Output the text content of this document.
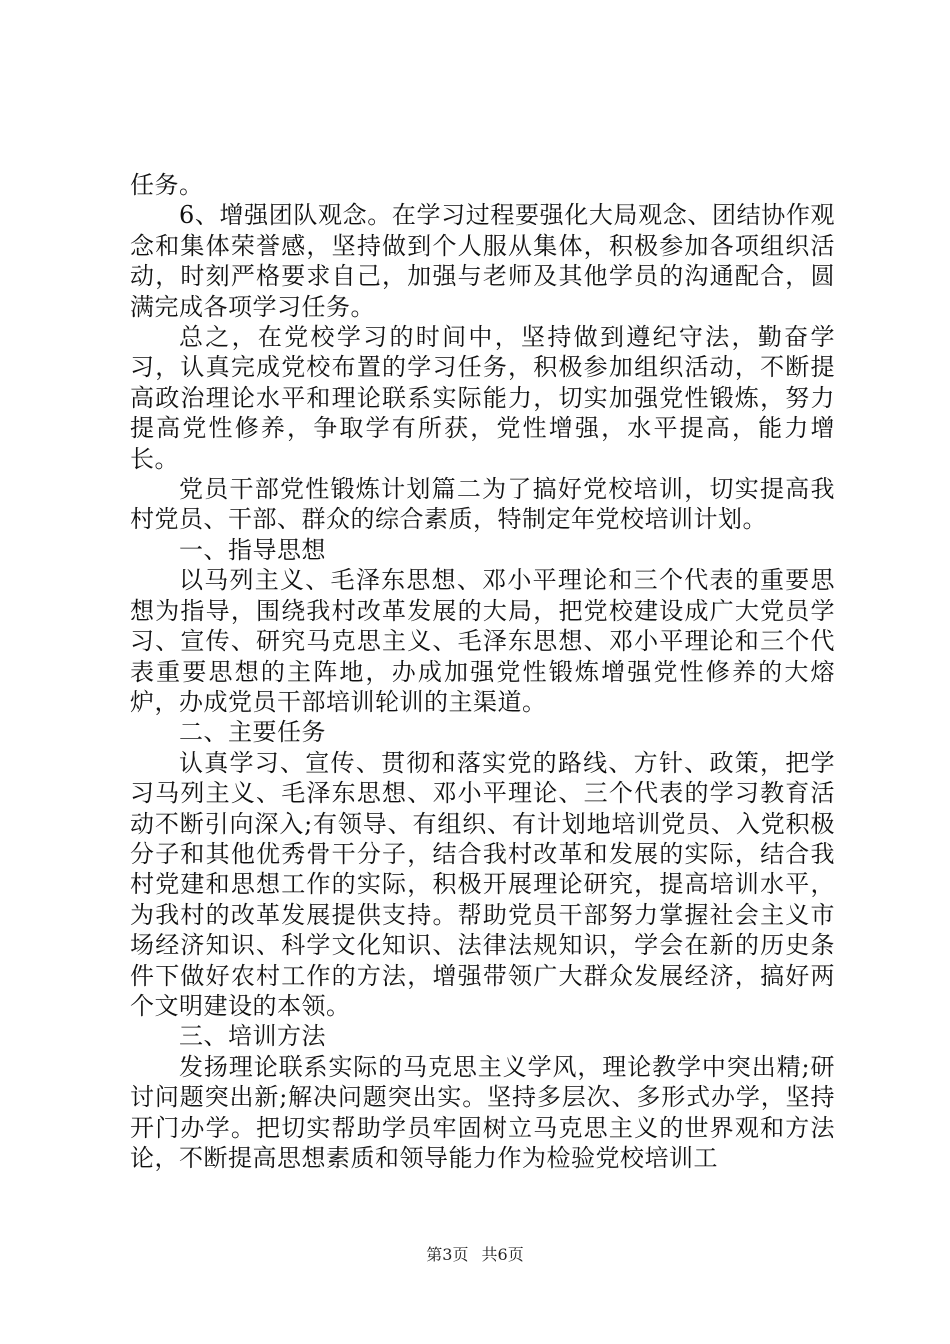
任务。

6、增强团队观念。在学习过程要强化大局观念、团结协作观念和集体荣誉感，坚持做到个人服从集体，积极参加各项组织活动，时刻严格要求自己，加强与老师及其他学员的沟通配合，圆满完成各项学习任务。

总之，在党校学习的时间中，坚持做到遵纪守法，勤奋学习，认真完成党校布置的学习任务，积极参加组织活动，不断提高政治理论水平和理论联系实际能力，切实加强党性锻炼，努力提高党性修养，争取学有所获，党性增强，水平提高，能力增长。

党员干部党性锻炼计划篇二为了搞好党校培训，切实提高我村党员、干部、群众的综合素质，特制定年党校培训计划。

一、指导思想

以马列主义、毛泽东思想、邓小平理论和三个代表的重要思想为指导，围绕我村改革发展的大局，把党校建设成广大党员学习、宣传、研究马克思主义、毛泽东思想、邓小平理论和三个代表重要思想的主阵地，办成加强党性锻炼增强党性修养的大熔炉，办成党员干部培训轮训的主渠道。

二、主要任务

认真学习、宣传、贯彻和落实党的路线、方针、政策，把学习马列主义、毛泽东思想、邓小平理论、三个代表的学习教育活动不断引向深入;有领导、有组织、有计划地培训党员、入党积极分子和其他优秀骨干分子，结合我村改革和发展的实际，结合我村党建和思想工作的实际，积极开展理论研究，提高培训水平，为我村的改革发展提供支持。帮助党员干部努力掌握社会主义市场经济知识、科学文化知识、法律法规知识，学会在新的历史条件下做好农村工作的方法，增强带领广大群众发展经济，搞好两个文明建设的本领。

三、培训方法

发扬理论联系实际的马克思主义学风，理论教学中突出精;研讨问题突出新;解决问题突出实。坚持多层次、多形式办学，坚持开门办学。把切实帮助学员牢固树立马克思主义的世界观和方法论，不断提高思想素质和领导能力作为检验党校培训工

第3页 共6页
